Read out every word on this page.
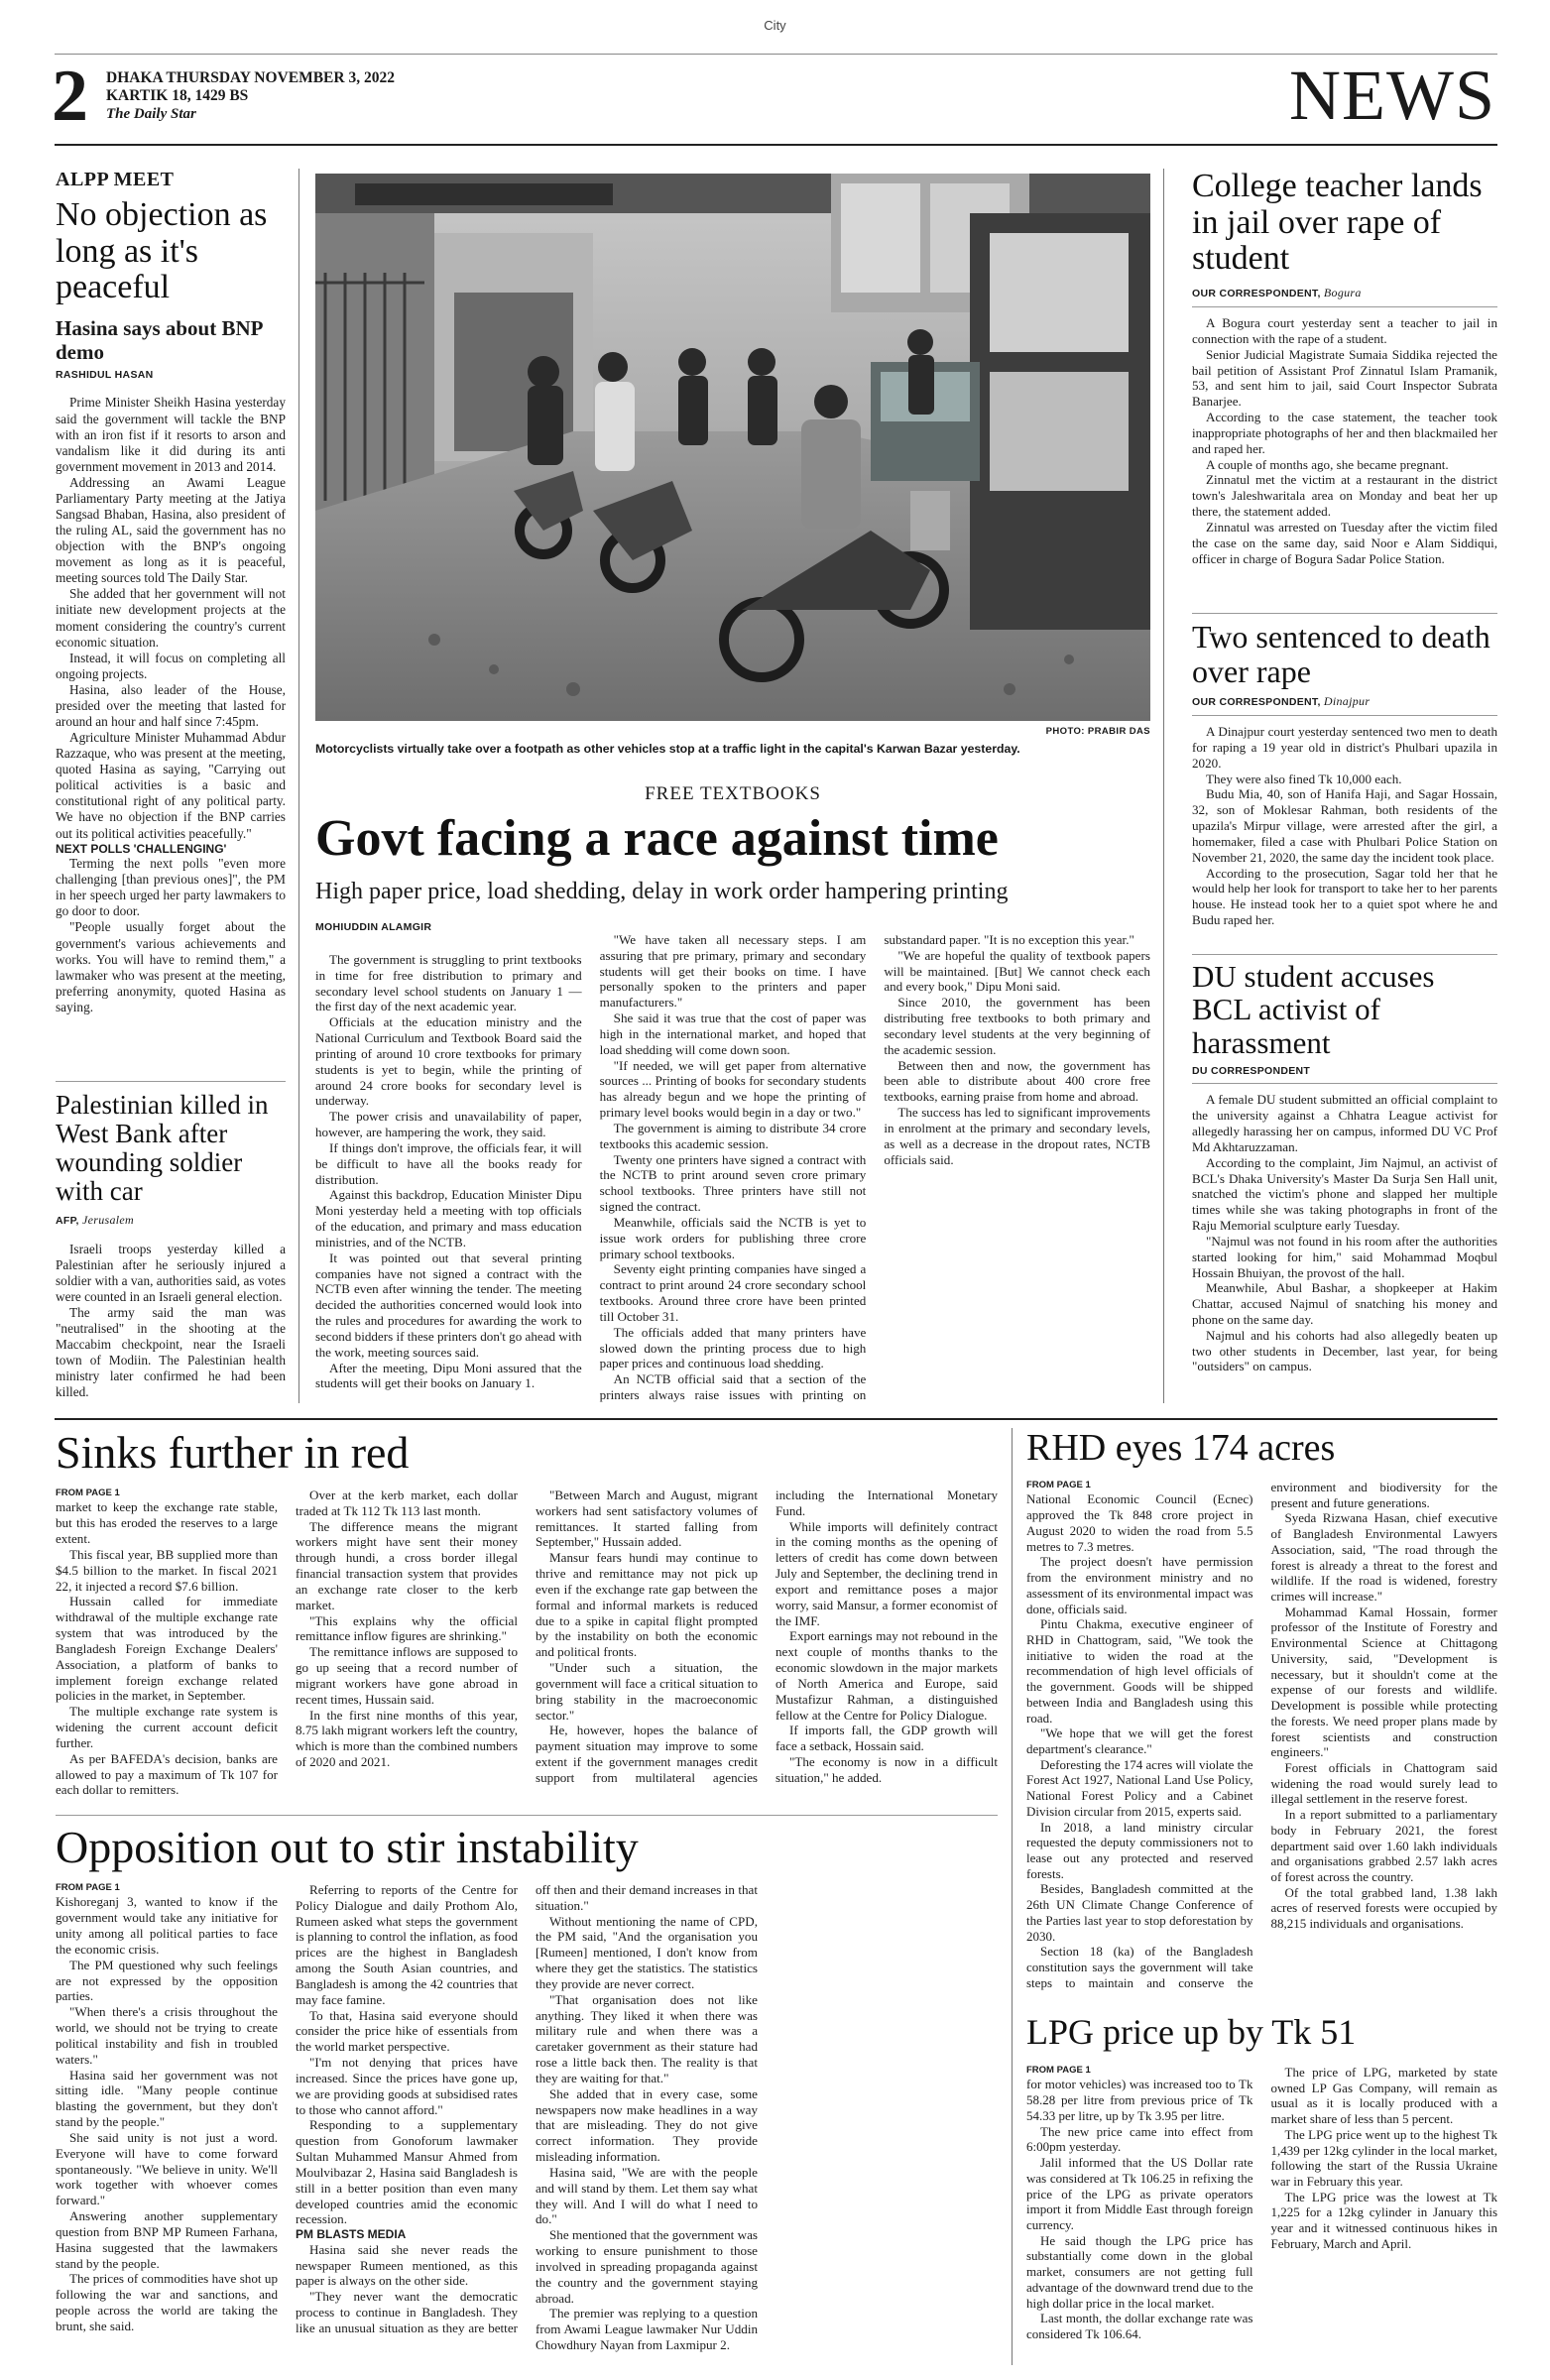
City
2 DHAKA THURSDAY NOVEMBER 3, 2022
KARTIK 18, 1429 BS
The Daily Star	NEWS
ALPP MEET
No objection as long as it's peaceful
Hasina says about BNP demo
RASHIDUL HASAN

Prime Minister Sheikh Hasina yesterday said the government will tackle the BNP with an iron fist if it resorts to arson and vandalism like it did during its anti government movement in 2013 and 2014.

Addressing an Awami League Parliamentary Party meeting at the Jatiya Sangsad Bhaban, Hasina, also president of the ruling AL, said the government has no objection with the BNP's ongoing movement as long as it is peaceful, meeting sources told The Daily Star.

She added that her government will not initiate new development projects at the moment considering the country's current economic situation.

Instead, it will focus on completing all ongoing projects.

Hasina, also leader of the House, presided over the meeting that lasted for around an hour and half since 7:45pm.

Agriculture Minister Muhammad Abdur Razzaque, who was present at the meeting, quoted Hasina as saying, "Carrying out political activities is a basic and constitutional right of any political party. We have no objection if the BNP carries out its political activities peacefully."

NEXT POLLS 'CHALLENGING'

Terming the next polls "even more challenging [than previous ones]", the PM in her speech urged her party lawmakers to go door to door.

"People usually forget about the government's various achievements and works. You will have to remind them," a lawmaker who was present at the meeting, preferring anonymity, quoted Hasina as saying.

Palestinian killed in West Bank after wounding soldier with car
AFP, Jerusalem

Israeli troops yesterday killed a Palestinian after he seriously injured a soldier with a van, authorities said, as votes were counted in an Israeli general election.

The army said the man was "neutralised" in the shooting at the Maccabim checkpoint, near the Israeli town of Modiin. The Palestinian health ministry later confirmed he had been killed.

PHOTO: PRABIR DAS
Motorcyclists virtually take over a footpath as other vehicles stop at a traffic light in the capital's Karwan Bazar yesterday.
FREE TEXTBOOKS
Govt facing a race against time
High paper price, load shedding, delay in work order hampering printing
MOHIUDDIN ALAMGIR

The government is struggling to print textbooks in time for free distribution to primary and secondary level school students on January 1 — the first day of the next academic year.

Officials at the education ministry and the National Curriculum and Textbook Board said the printing of around 10 crore textbooks for primary students is yet to begin, while the printing of around 24 crore books for secondary level is underway.

The power crisis and unavailability of paper, however, are hampering the work, they said.

If things don't improve, the officials fear, it will be difficult to have all the books ready for distribution.

Against this backdrop, Education Minister Dipu Moni yesterday held a meeting with top officials of the education, and primary and mass education ministries, and of the NCTB.

It was pointed out that several printing companies have not signed a contract with the NCTB even after winning the tender. The meeting decided the authorities concerned would look into the rules and procedures for awarding the work to second bidders if these printers don't go ahead with the work, meeting sources said.

After the meeting, Dipu Moni assured that the students will get their books on January 1.

"We have taken all necessary steps. I am assuring that pre primary, primary and secondary students will get their books on time. I have personally spoken to the printers and paper manufacturers."

She said it was true that the cost of paper was high in the international market, and hoped that load shedding will come down soon.

"If needed, we will get paper from alternative sources ... Printing of books for secondary students has already begun and we hope the printing of primary level books would begin in a day or two."

The government is aiming to distribute 34 crore textbooks this academic session.

Twenty one printers have signed a contract with the NCTB to print around seven crore primary school textbooks. Three printers have still not signed the contract.

Meanwhile, officials said the NCTB is yet to issue work orders for publishing three crore primary school textbooks.

Seventy eight printing companies have singed a contract to print around 24 crore secondary school textbooks. Around three crore have been printed till October 31.

The officials added that many printers have slowed down the printing process due to high paper prices and continuous load shedding.

An NCTB official said that a section of the printers always raise issues with printing on substandard paper. "It is no exception this year."

"We are hopeful the quality of textbook papers will be maintained. [But] We cannot check each and every book," Dipu Moni said.

Since 2010, the government has been distributing free textbooks to both primary and secondary level students at the very beginning of the academic session.

Between then and now, the government has been able to distribute about 400 crore free textbooks, earning praise from home and abroad.

The success has led to significant improvements in enrolment at the primary and secondary levels, as well as a decrease in the dropout rates, NCTB officials said.

College teacher lands in jail over rape of student
OUR CORRESPONDENT, Bogura

A Bogura court yesterday sent a teacher to jail in connection with the rape of a student.

Senior Judicial Magistrate Sumaia Siddika rejected the bail petition of Assistant Prof Zinnatul Islam Pramanik, 53, and sent him to jail, said Court Inspector Subrata Banarjee.

According to the case statement, the teacher took inappropriate photographs of her and then blackmailed her and raped her.

A couple of months ago, she became pregnant.

Zinnatul met the victim at a restaurant in the district town's Jaleshwaritala area on Monday and beat her up there, the statement added.

Zinnatul was arrested on Tuesday after the victim filed the case on the same day, said Noor e Alam Siddiqui, officer in charge of Bogura Sadar Police Station.

Two sentenced to death over rape
OUR CORRESPONDENT, Dinajpur

A Dinajpur court yesterday sentenced two men to death for raping a 19 year old in district's Phulbari upazila in 2020.

They were also fined Tk 10,000 each.

Budu Mia, 40, son of Hanifa Haji, and Sagar Hossain, 32, son of Moklesar Rahman, both residents of the upazila's Mirpur village, were arrested after the girl, a homemaker, filed a case with Phulbari Police Station on November 21, 2020, the same day the incident took place.

According to the prosecution, Sagar told her that he would help her look for transport to take her to her parents house. He instead took her to a quiet spot where he and Budu raped her.

DU student accuses BCL activist of harassment
DU CORRESPONDENT

A female DU student submitted an official complaint to the university against a Chhatra League activist for allegedly harassing her on campus, informed DU VC Prof Md Akhtaruzzaman.

According to the complaint, Jim Najmul, an activist of BCL's Dhaka University's Master Da Surja Sen Hall unit, snatched the victim's phone and slapped her multiple times while she was taking photographs in front of the Raju Memorial sculpture early Tuesday.

"Najmul was not found in his room after the authorities started looking for him," said Mohammad Moqbul Hossain Bhuiyan, the provost of the hall.

Meanwhile, Abul Bashar, a shopkeeper at Hakim Chattar, accused Najmul of snatching his money and phone on the same day.

Najmul and his cohorts had also allegedly beaten up two other students in December, last year, for being "outsiders" on campus.

Sinks further in red
FROM PAGE 1

market to keep the exchange rate stable, but this has eroded the reserves to a large extent.

This fiscal year, BB supplied more than $4.5 billion to the market. In fiscal 2021 22, it injected a record $7.6 billion.

Hussain called for immediate withdrawal of the multiple exchange rate system that was introduced by the Bangladesh Foreign Exchange Dealers' Association, a platform of banks to implement foreign exchange related policies in the market, in September.

The multiple exchange rate system is widening the current account deficit further.

As per BAFEDA's decision, banks are allowed to pay a maximum of Tk 107 for each dollar to remitters.

Over at the kerb market, each dollar traded at Tk 112 Tk 113 last month.

The difference means the migrant workers might have sent their money through hundi, a cross border illegal financial transaction system that provides an exchange rate closer to the kerb market.

"This explains why the official remittance inflow figures are shrinking."

The remittance inflows are supposed to go up seeing that a record number of migrant workers have gone abroad in recent times, Hussain said.

In the first nine months of this year, 8.75 lakh migrant workers left the country, which is more than the combined numbers of 2020 and 2021.

"Between March and August, migrant workers had sent satisfactory volumes of remittances. It started falling from September," Hussain added.

Mansur fears hundi may continue to thrive and remittance may not pick up even if the exchange rate gap between the formal and informal markets is reduced due to a spike in capital flight prompted by the instability on both the economic and political fronts.

"Under such a situation, the government will face a critical situation to bring stability in the macroeconomic sector."

He, however, hopes the balance of payment situation may improve to some extent if the government manages credit support from multilateral agencies including the International Monetary Fund.

While imports will definitely contract in the coming months as the opening of letters of credit has come down between July and September, the declining trend in export and remittance poses a major worry, said Mansur, a former economist of the IMF.

Export earnings may not rebound in the next couple of months thanks to the economic slowdown in the major markets of North America and Europe, said Mustafizur Rahman, a distinguished fellow at the Centre for Policy Dialogue.

If imports fall, the GDP growth will face a setback, Hossain said.

"The economy is now in a difficult situation," he added.

Opposition out to stir instability
FROM PAGE 1

Kishoreganj 3, wanted to know if the government would take any initiative for unity among all political parties to face the economic crisis.

The PM questioned why such feelings are not expressed by the opposition parties.

"When there's a crisis throughout the world, we should not be trying to create political instability and fish in troubled waters."

Hasina said her government was not sitting idle. "Many people continue blasting the government, but they don't stand by the people."

She said unity is not just a word. Everyone will have to come forward spontaneously. "We believe in unity. We'll work together with whoever comes forward."

Answering another supplementary question from BNP MP Rumeen Farhana, Hasina suggested that the lawmakers stand by the people.

The prices of commodities have shot up following the war and sanctions, and people across the world are taking the brunt, she said.

Referring to reports of the Centre for Policy Dialogue and daily Prothom Alo, Rumeen asked what steps the government is planning to control the inflation, as food prices are the highest in Bangladesh among the South Asian countries, and Bangladesh is among the 42 countries that may face famine.

To that, Hasina said everyone should consider the price hike of essentials from the world market perspective.

"I'm not denying that prices have increased. Since the prices have gone up, we are providing goods at subsidised rates to those who cannot afford."

Responding to a supplementary question from Gonoforum lawmaker Sultan Muhammed Mansur Ahmed from Moulvibazar 2, Hasina said Bangladesh is still in a better position than even many developed countries amid the economic recession.

PM BLASTS MEDIA

Hasina said she never reads the newspaper Rumeen mentioned, as this paper is always on the other side.

"They never want the democratic process to continue in Bangladesh. They like an unusual situation as they are better off then and their demand increases in that situation."

Without mentioning the name of CPD, the PM said, "And the organisation you [Rumeen] mentioned, I don't know from where they get the statistics. The statistics they provide are never correct.

"That organisation does not like anything. They liked it when there was military rule and when there was a caretaker government as their stature had rose a little back then. The reality is that they are waiting for that."

She added that in every case, some newspapers now make headlines in a way that are misleading. They do not give correct information. They provide misleading information.

Hasina said, "We are with the people and will stand by them. Let them say what they will. And I will do what I need to do."

She mentioned that the government was working to ensure punishment to those involved in spreading propaganda against the country and the government staying abroad.

The premier was replying to a question from Awami League lawmaker Nur Uddin Chowdhury Nayan from Laxmipur 2.

RHD eyes 174 acres
FROM PAGE 1

National Economic Council (Ecnec) approved the Tk 848 crore project in August 2020 to widen the road from 5.5 metres to 7.3 metres.

The project doesn't have permission from the environment ministry and no assessment of its environmental impact was done, officials said.

Pintu Chakma, executive engineer of RHD in Chattogram, said, "We took the initiative to widen the road at the recommendation of high level officials of the government. Goods will be shipped between India and Bangladesh using this road.

"We hope that we will get the forest department's clearance."

Deforesting the 174 acres will violate the Forest Act 1927, National Land Use Policy, National Forest Policy and a Cabinet Division circular from 2015, experts said.

In 2018, a land ministry circular requested the deputy commissioners not to lease out any protected and reserved forests.

Besides, Bangladesh committed at the 26th UN Climate Change Conference of the Parties last year to stop deforestation by 2030.

Section 18 (ka) of the Bangladesh constitution says the government will take steps to maintain and conserve the environment and biodiversity for the present and future generations.

Syeda Rizwana Hasan, chief executive of Bangladesh Environmental Lawyers Association, said, "The road through the forest is already a threat to the forest and wildlife. If the road is widened, forestry crimes will increase."

Mohammad Kamal Hossain, former professor of the Institute of Forestry and Environmental Science at Chittagong University, said, "Development is necessary, but it shouldn't come at the expense of our forests and wildlife. Development is possible while protecting the forests. We need proper plans made by forest scientists and construction engineers."

Forest officials in Chattogram said widening the road would surely lead to illegal settlement in the reserve forest.

In a report submitted to a parliamentary body in February 2021, the forest department said over 1.60 lakh individuals and organisations grabbed 2.57 lakh acres of forest across the country.

Of the total grabbed land, 1.38 lakh acres of reserved forests were occupied by 88,215 individuals and organisations.

LPG price up by Tk 51
FROM PAGE 1

for motor vehicles) was increased too to Tk 58.28 per litre from previous price of Tk 54.33 per litre, up by Tk 3.95 per litre.

The new price came into effect from 6:00pm yesterday.

Jalil informed that the US Dollar rate was considered at Tk 106.25 in refixing the price of the LPG as private operators import it from Middle East through foreign currency.

He said though the LPG price has substantially come down in the global market, consumers are not getting full advantage of the downward trend due to the high dollar price in the local market.

Last month, the dollar exchange rate was considered Tk 106.64.

The price of LPG, marketed by state owned LP Gas Company, will remain as usual as it is locally produced with a market share of less than 5 percent.

The LPG price went up to the highest Tk 1,439 per 12kg cylinder in the local market, following the start of the Russia Ukraine war in February this year.

The LPG price was the lowest at Tk 1,225 for a 12kg cylinder in January this year and it witnessed continuous hikes in February, March and April.
